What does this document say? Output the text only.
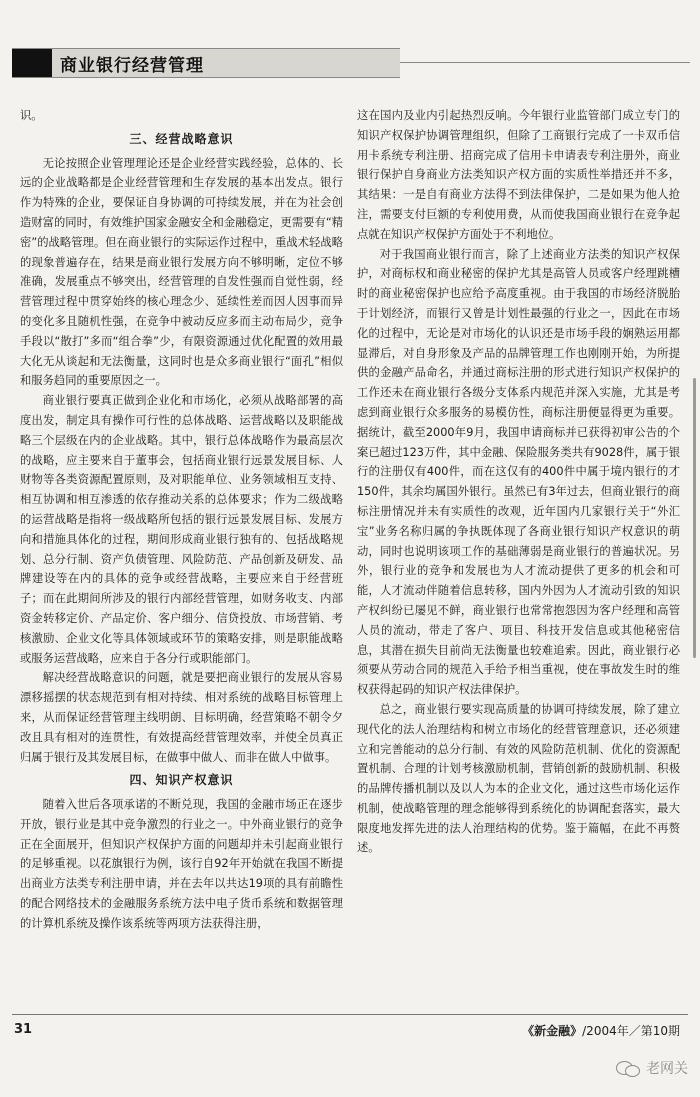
商业银行经营管理

识。

三、经营战略意识

无论按照企业管理理论还是企业经营实践经验，总体的、长远的企业战略都是企业经营管理和生存发展的基本出发点。银行作为特殊的企业，要保证自身协调的可持续发展，并在为社会创造财富的同时，有效维护国家金融安全和金融稳定，更需要有“精密”的战略管理。但在商业银行的实际运作过程中，重战术轻战略的现象普遍存在，结果是商业银行发展方向不够明晰，定位不够准确，发展重点不够突出，经营管理的自发性强而自觉性弱，经营管理过程中贯穿始终的核心理念少、延续性差而因人因事而异的变化多且随机性强，在竞争中被动反应多而主动布局少，竞争手段以“散打”多而“组合拳”少，有限资源通过优化配置的效用最大化无从谈起和无法衡量，这同时也是众多商业银行“面孔”相似和服务趋同的重要原因之一。

商业银行要真正做到企业化和市场化，必须从战略部署的高度出发，制定具有操作可行性的总体战略、运营战略以及职能战略三个层级在内的企业战略。其中，银行总体战略作为最高层次的战略，应主要来自于董事会，包括商业银行远景发展目标、人财物等各类资源配置原则，及对职能单位、业务领域相互支持、相互协调和相互渗透的依存推动关系的总体要求；作为二级战略的运营战略是指将一级战略所包括的银行远景发展目标、发展方向和措施具体化的过程，期间形成商业银行独有的、包括战略规划、总分行制、资产负债管理、风险防范、产品创新及研发、品牌建设等在内的具体的竞争或经营战略，主要应来自于经营班子；而在此期间所涉及的银行内部经营管理，如财务收支、内部资金转移定价、产品定价、客户细分、信贷投放、市场营销、考核激励、企业文化等具体领域或环节的策略安排，则是职能战略或服务运营战略，应来自于各分行或职能部门。

解决经营战略意识的问题，就是要把商业银行的发展从容易漂移摇摆的状态规范到有相对持续、相对系统的战略目标管理上来，从而保证经营管理主线明朗、目标明确，经营策略不朝令夕改且具有相对的连贯性，有效提高经营管理效率，并使全员真正归属于银行及其发展目标，在做事中做人、而非在做人中做事。

四、知识产权意识

随着入世后各项承诺的不断兑现，我国的金融市场正在逐步开放，银行业是其中竞争激烈的行业之一。中外商业银行的竞争正在全面展开，但知识产权保护方面的问题却并未引起商业银行的足够重视。以花旗银行为例，该行自92年开始就在我国不断提出商业方法类专利注册申请，并在去年以共达19项的具有前瞻性的配合网络技术的金融服务系统方法中电子货币系统和数据管理的计算机系统及操作该系统等两项方法获得注册，

这在国内及业内引起热烈反响。今年银行业监管部门成立专门的知识产权保护协调管理组织，但除了工商银行完成了一卡双币信用卡系统专利注册、招商完成了信用卡申请表专利注册外，商业银行保护自身商业方法类知识产权方面的实质性举措还并不多，其结果：一是自有商业方法得不到法律保护，二是如果为他人抢注，需要支付巨额的专利使用费，从而使我国商业银行在竞争起点就在知识产权保护方面处于不利地位。

对于我国商业银行而言，除了上述商业方法类的知识产权保护，对商标权和商业秘密的保护尤其是高管人员或客户经理跳槽时的商业秘密保护也应给予高度重视。由于我国的市场经济脱胎于计划经济，而银行又曾是计划性最强的行业之一，因此在市场化的过程中，无论是对市场化的认识还是市场手段的娴熟运用都显滞后，对自身形象及产品的品牌管理工作也刚刚开始，为所提供的金融产品命名，并通过商标注册的形式进行知识产权保护的工作还未在商业银行各级分支体系内规范并深入实施，尤其是考虑到商业银行众多服务的易模仿性，商标注册便显得更为重要。据统计，截至2000年9月，我国申请商标并已获得初审公告的个案已超过123万件，其中金融、保险服务类共有9028件，属于银行的注册仅有400件，而在这仅有的400件中属于境内银行的才150件，其余均属国外银行。虽然已有3年过去，但商业银行的商标注册情况并未有实质性的改观，近年国内几家银行关于“外汇宝”业务名称归属的争执既体现了各商业银行知识产权意识的萌动，同时也说明该项工作的基础薄弱是商业银行的普遍状况。另外，银行业的竞争和发展也为人才流动提供了更多的机会和可能，人才流动伴随着信息转移，国内外因为人才流动引致的知识产权纠纷已屡见不鲜，商业银行也常常抱怨因为客户经理和高管人员的流动，带走了客户、项目、科技开发信息或其他秘密信息，其潜在损失目前尚无法衡量也较难追索。因此，商业银行必须要从劳动合同的规范入手给予相当重视，使在事故发生时的维权获得起码的知识产权法律保护。

总之，商业银行要实现高质量的协调可持续发展，除了建立现代化的法人治理结构和树立市场化的经营管理意识，还必须建立和完善能动的总分行制、有效的风险防范机制、优化的资源配置机制、合理的计划考核激励机制，营销创新的鼓励机制、积极的品牌传播机制以及以人为本的企业文化，通过这些市场化运作机制，使战略管理的理念能够得到系统化的协调配套落实，最大限度地发挥先进的法人治理结构的优势。鉴于篇幅，在此不再赘述。

31	《新金融》/2004年／第10期
老网关
